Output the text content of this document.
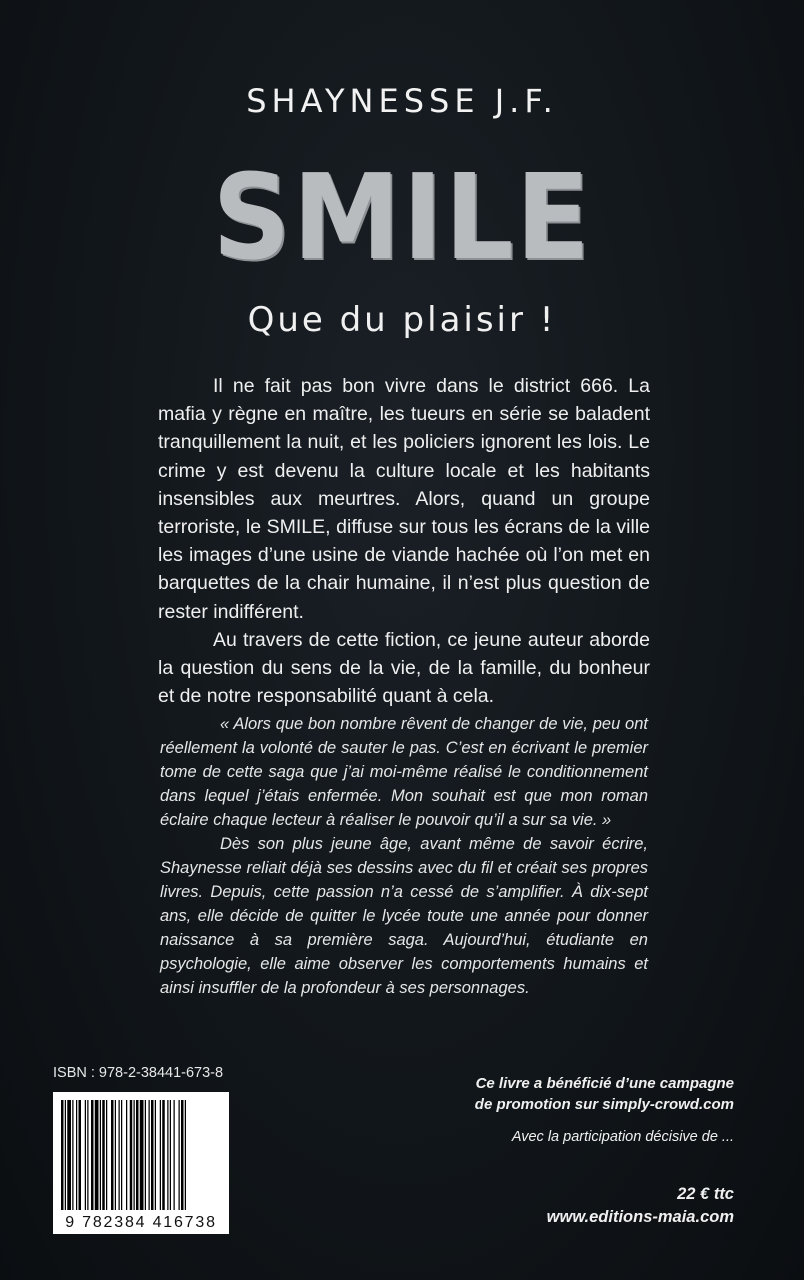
SHAYNESSE J.F.
SMILE
Que du plaisir !

Il ne fait pas bon vivre dans le district 666. La mafia y règne en maître, les tueurs en série se baladent tranquillement la nuit, et les policiers ignorent les lois. Le crime y est devenu la culture locale et les habitants insensibles aux meurtres. Alors, quand un groupe terroriste, le SMILE, diffuse sur tous les écrans de la ville les images d’une usine de viande hachée où l’on met en barquettes de la chair humaine, il n’est plus question de rester indifférent.

Au travers de cette fiction, ce jeune auteur aborde la question du sens de la vie, de la famille, du bonheur et de notre responsabilité quant à cela.

« Alors que bon nombre rêvent de changer de vie, peu ont réellement la volonté de sauter le pas. C’est en écrivant le premier tome de cette saga que j’ai moi-même réalisé le conditionnement dans lequel j’étais enfermée. Mon souhait est que mon roman éclaire chaque lecteur à réaliser le pouvoir qu’il a sur sa vie. »

Dès son plus jeune âge, avant même de savoir écrire, Shaynesse reliait déjà ses dessins avec du fil et créait ses propres livres. Depuis, cette passion n’a cessé de s’amplifier. À dix-sept ans, elle décide de quitter le lycée toute une année pour donner naissance à sa première saga. Aujourd’hui, étudiante en psychologie, elle aime observer les comportements humains et ainsi insuffler de la profondeur à ses personnages.

ISBN : 978-2-38441-673-8
9 782384 416738

Ce livre a bénéficié d’une campagne
de promotion sur simply-crowd.com

Avec la participation décisive de ...

22 € ttc

www.editions-maia.com
